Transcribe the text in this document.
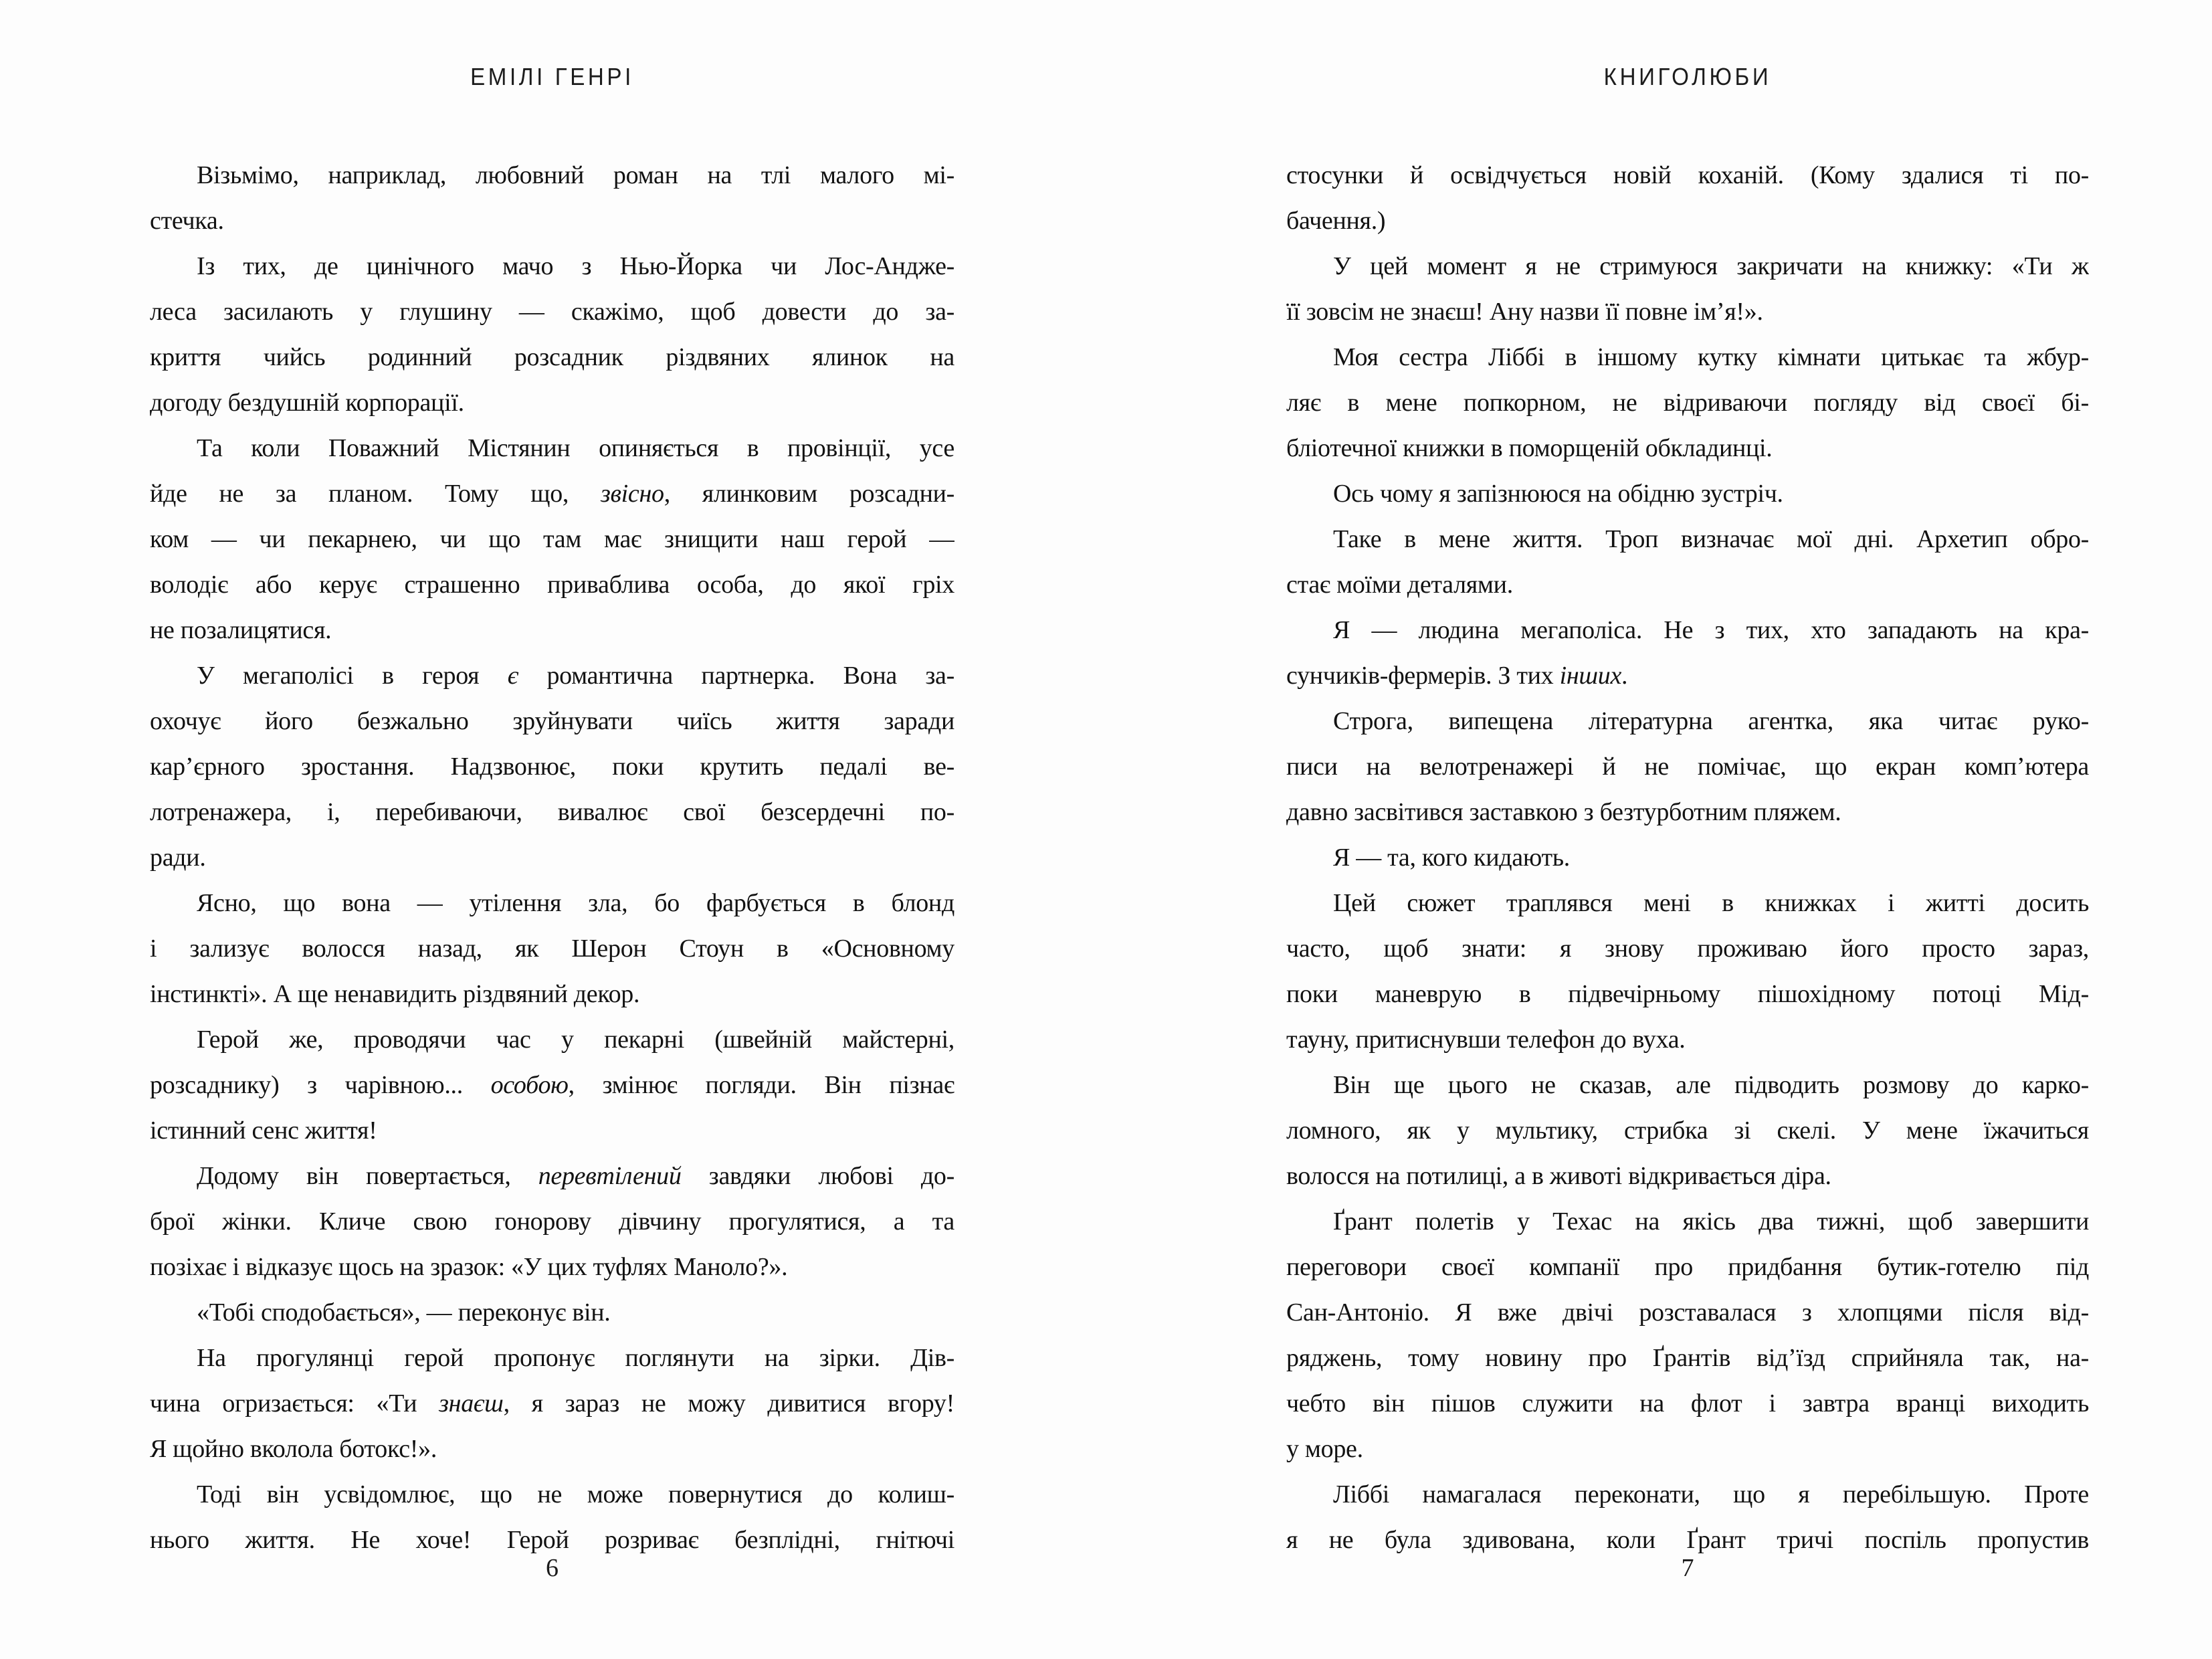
ЕМІЛІ ГЕНРІ	КНИГОЛЮБИ
Візьмімо, наприклад, любовний роман на тлі малого мі-
стечка.
Із тих, де цинічного мачо з Нью-Йорка чи Лос-Андже-
леса засилають у глушину — скажімо, щоб довести до за-
криття чийсь родинний розсадник різдвяних ялинок на
догоду бездушній корпорації.
Та коли Поважний Містянин опиняється в провінції, усе
йде не за планом. Тому що, звісно, ялинковим розсадни-
ком — чи пекарнею, чи що там має знищити наш герой —
володіє або керує страшенно приваблива особа, до якої гріх
не позалицятися.
У мегаполісі в героя є романтична партнерка. Вона за-
охочує його безжально зруйнувати чиїсь життя заради
кар’єрного зростання. Надзвонює, поки крутить педалі ве-
лотренажера, і, перебиваючи, вивалює свої безсердечні по-
ради.
Ясно, що вона — утілення зла, бо фарбується в блонд
і зализує волосся назад, як Шерон Стоун в «Основному
інстинкті». А ще ненавидить різдвяний декор.
Герой же, проводячи час у пекарні (швейній майстерні,
розсаднику) з чарівною... особою, змінює погляди. Він пізнає
істинний сенс життя!
Додому він повертається, перевтілений завдяки любові до-
брої жінки. Кличе свою гонорову дівчину прогулятися, а та
позіхає і відказує щось на зразок: «У цих туфлях Маноло?».
«Тобі сподобається», — переконує він.
На прогулянці герой пропонує поглянути на зірки. Дів-
чина огризається: «Ти знаєш, я зараз не можу дивитися вгору!
Я щойно вколола ботокс!».
Тоді він усвідомлює, що не може повернутися до колиш-
нього життя. Не хоче! Герой розриває безплідні, гнітючі
стосунки й освідчується новій коханій. (Кому здалися ті по-
бачення.)
У цей момент я не стримуюся закричати на книжку: «Ти ж
її зовсім не знаєш! Ану назви її повне ім’я!».
Моя сестра Ліббі в іншому кутку кімнати цитькає та жбур-
ляє в мене попкорном, не відриваючи погляду від своєї бі-
бліотечної книжки в поморщеній обкладинці.
Ось чому я запізнююся на обідню зустріч.
Таке в мене життя. Троп визначає мої дні. Архетип обро-
стає моїми деталями.
Я — людина мегаполіса. Не з тих, хто западають на кра-
сунчиків-фермерів. З тих інших.
Строга, випещена літературна агентка, яка читає руко-
писи на велотренажері й не помічає, що екран комп’ютера
давно засвітився заставкою з безтурботним пляжем.
Я — та, кого кидають.
Цей сюжет траплявся мені в книжках і житті досить
часто, щоб знати: я знову проживаю його просто зараз,
поки маневрую в підвечірньому пішохідному потоці Мід-
тауну, притиснувши телефон до вуха.
Він ще цього не сказав, але підводить розмову до карко-
ломного, як у мультику, стрибка зі скелі. У мене їжачиться
волосся на потилиці, а в животі відкривається діра.
Ґрант полетів у Техас на якісь два тижні, щоб завершити
переговори своєї компанії про придбання бутик-готелю під
Сан-Антоніо. Я вже двічі розставалася з хлопцями після від-
ряджень, тому новину про Ґрантів від’їзд сприйняла так, на-
чебто він пішов служити на флот і завтра вранці виходить
у море.
Ліббі намагалася переконати, що я перебільшую. Проте
я не була здивована, коли Ґрант тричі поспіль пропустив
6	7
